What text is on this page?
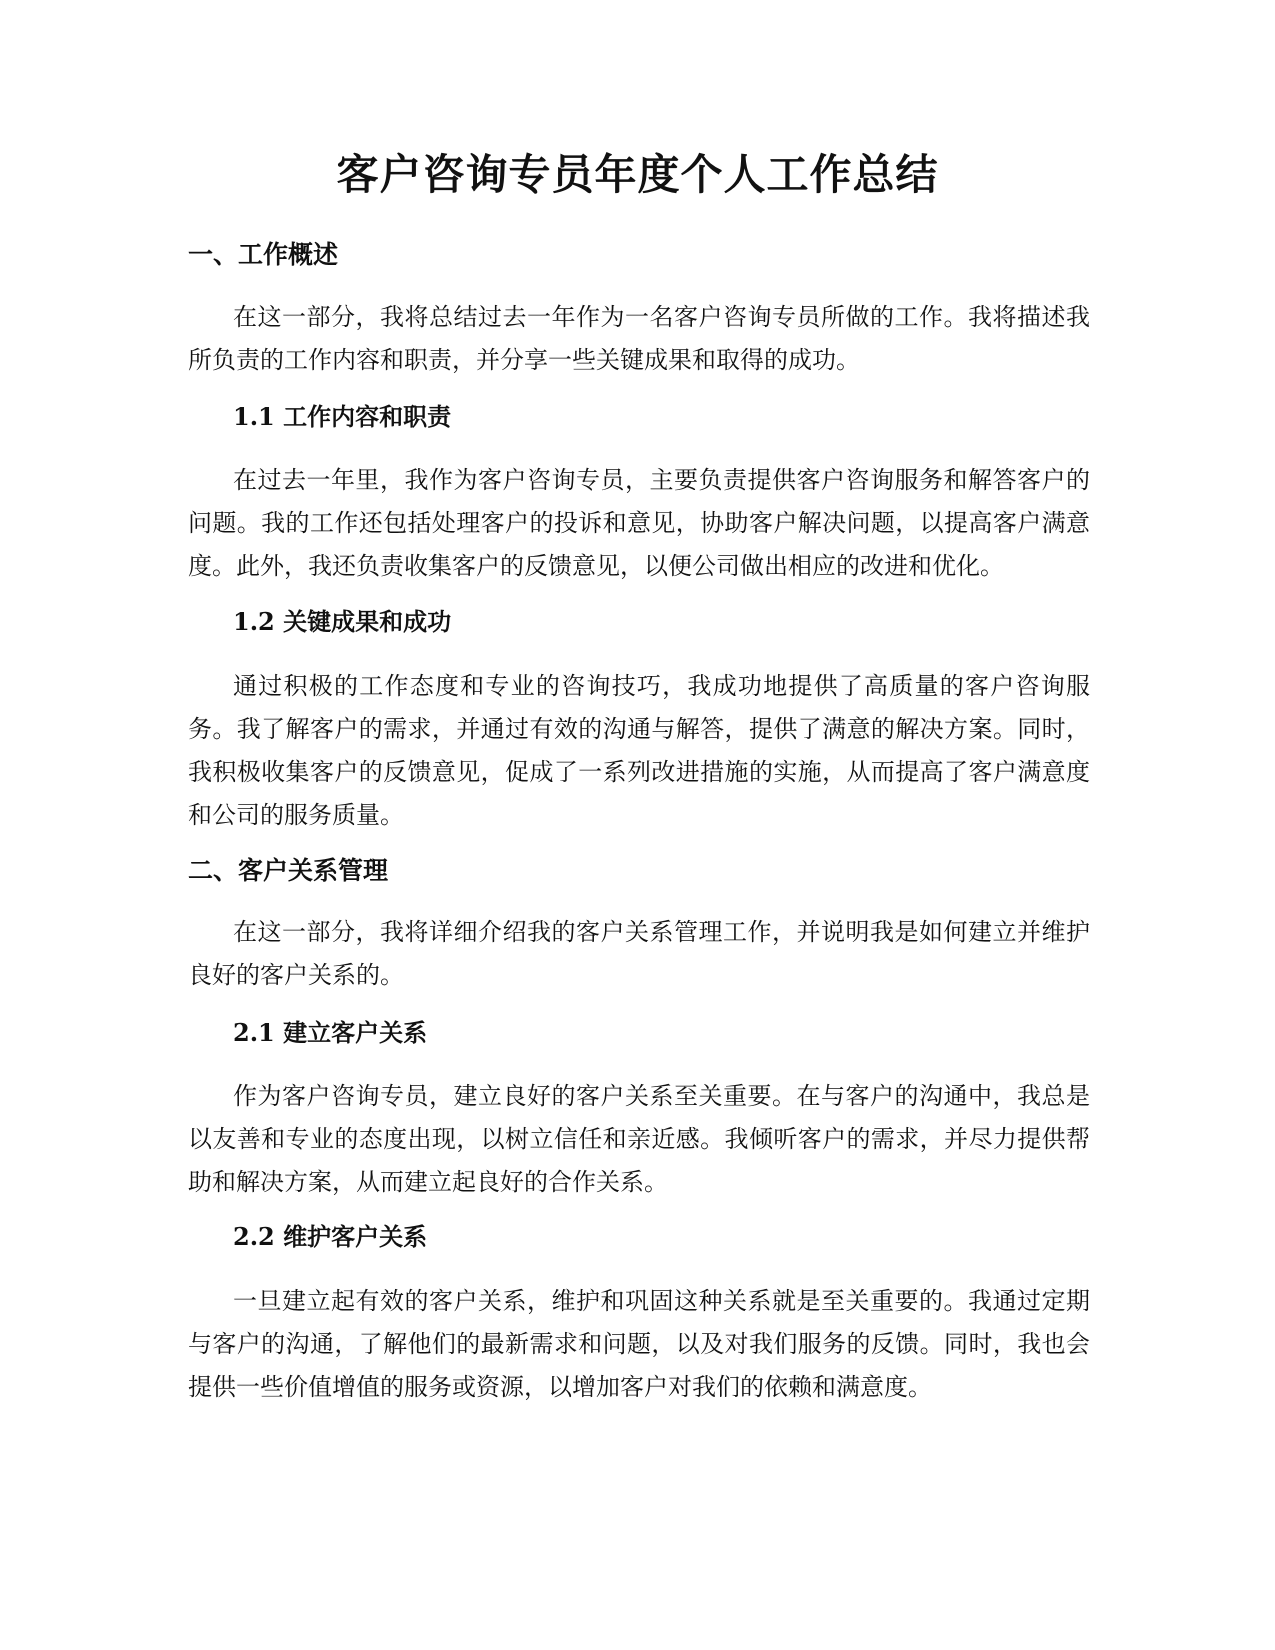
客户咨询专员年度个人工作总结
一、工作概述

在这一部分，我将总结过去一年作为一名客户咨询专员所做的工作。我将描述我所负责的工作内容和职责，并分享一些关键成果和取得的成功。

1.1 工作内容和职责

在过去一年里，我作为客户咨询专员，主要负责提供客户咨询服务和解答客户的问题。我的工作还包括处理客户的投诉和意见，协助客户解决问题，以提高客户满意度。此外，我还负责收集客户的反馈意见，以便公司做出相应的改进和优化。

1.2 关键成果和成功

通过积极的工作态度和专业的咨询技巧，我成功地提供了高质量的客户咨询服务。我了解客户的需求，并通过有效的沟通与解答，提供了满意的解决方案。同时，我积极收集客户的反馈意见，促成了一系列改进措施的实施，从而提高了客户满意度和公司的服务质量。

二、客户关系管理

在这一部分，我将详细介绍我的客户关系管理工作，并说明我是如何建立并维护良好的客户关系的。

2.1 建立客户关系

作为客户咨询专员，建立良好的客户关系至关重要。在与客户的沟通中，我总是以友善和专业的态度出现，以树立信任和亲近感。我倾听客户的需求，并尽力提供帮助和解决方案，从而建立起良好的合作关系。

2.2 维护客户关系

一旦建立起有效的客户关系，维护和巩固这种关系就是至关重要的。我通过定期与客户的沟通，了解他们的最新需求和问题，以及对我们服务的反馈。同时，我也会提供一些价值增值的服务或资源，以增加客户对我们的依赖和满意度。
